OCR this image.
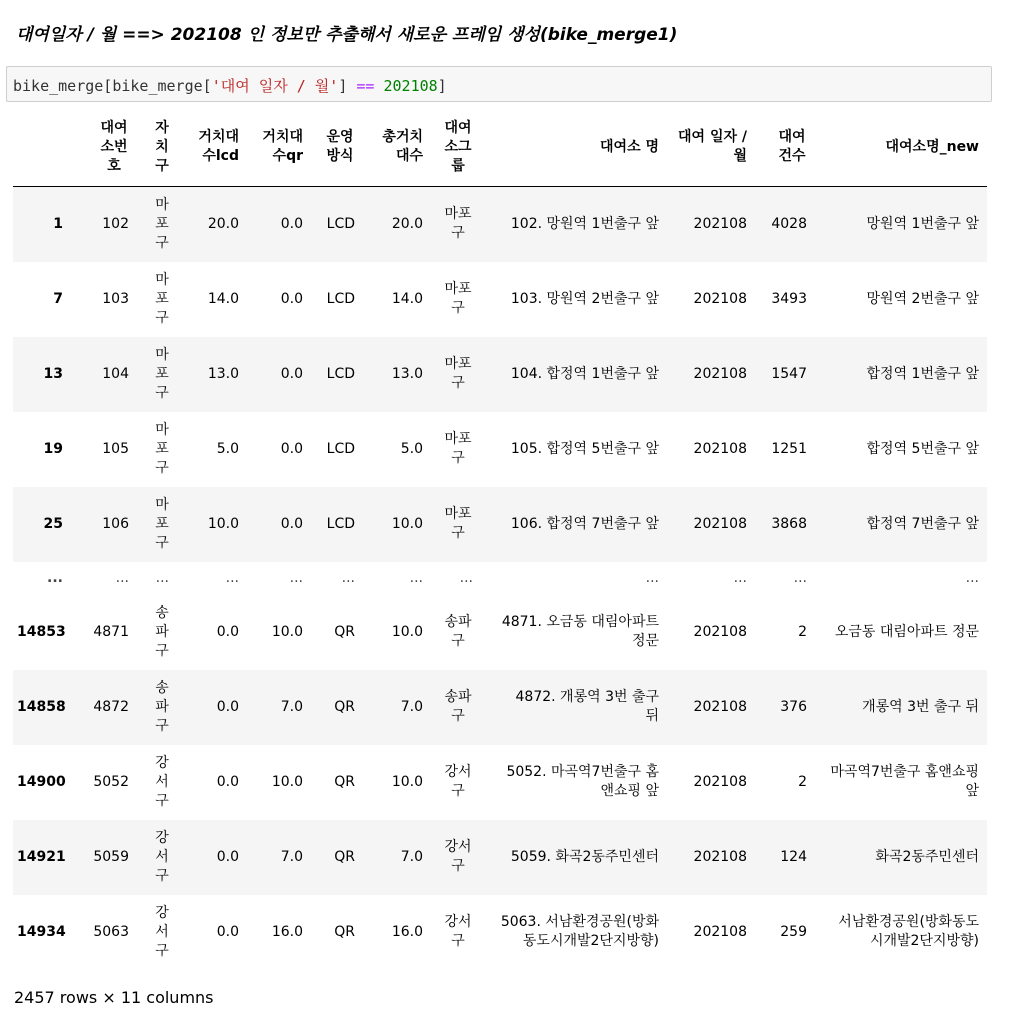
대여일자 / 월 ==> 202108 인 정보만 추출해서 새로운 프레임 생성(bike_merge1)
bike_merge[bike_merge['대여 일자 / 월'] == 202108]
	대여소번호	자치구	거치대수lcd	거치대수qr	운영방식	총거치대수	대여소그룹	대여소 명	대여 일자 / 월	대여건수	대여소명_new
1	102	마포구	20.0	0.0	LCD	20.0	마포구	102. 망원역 1번출구 앞	202108	4028	망원역 1번출구 앞
7	103	마포구	14.0	0.0	LCD	14.0	마포구	103. 망원역 2번출구 앞	202108	3493	망원역 2번출구 앞
13	104	마포구	13.0	0.0	LCD	13.0	마포구	104. 합정역 1번출구 앞	202108	1547	합정역 1번출구 앞
19	105	마포구	5.0	0.0	LCD	5.0	마포구	105. 합정역 5번출구 앞	202108	1251	합정역 5번출구 앞
25	106	마포구	10.0	0.0	LCD	10.0	마포구	106. 합정역 7번출구 앞	202108	3868	합정역 7번출구 앞
...	...	...	...	...	...	...	...	...	...	...	...
14853	4871	송파구	0.0	10.0	QR	10.0	송파구	4871. 오금동 대림아파트 정문	202108	2	오금동 대림아파트 정문
14858	4872	송파구	0.0	7.0	QR	7.0	송파구	4872. 개롱역 3번 출구 뒤	202108	376	개롱역 3번 출구 뒤
14900	5052	강서구	0.0	10.0	QR	10.0	강서구	5052. 마곡역7번출구 홈앤쇼핑 앞	202108	2	마곡역7번출구 홈앤쇼핑 앞
14921	5059	강서구	0.0	7.0	QR	7.0	강서구	5059. 화곡2동주민센터	202108	124	화곡2동주민센터
14934	5063	강서구	0.0	16.0	QR	16.0	강서구	5063. 서남환경공원(방화동도시개발2단지방향)	202108	259	서남환경공원(방화동도시개발2단지방향)
2457 rows × 11 columns
